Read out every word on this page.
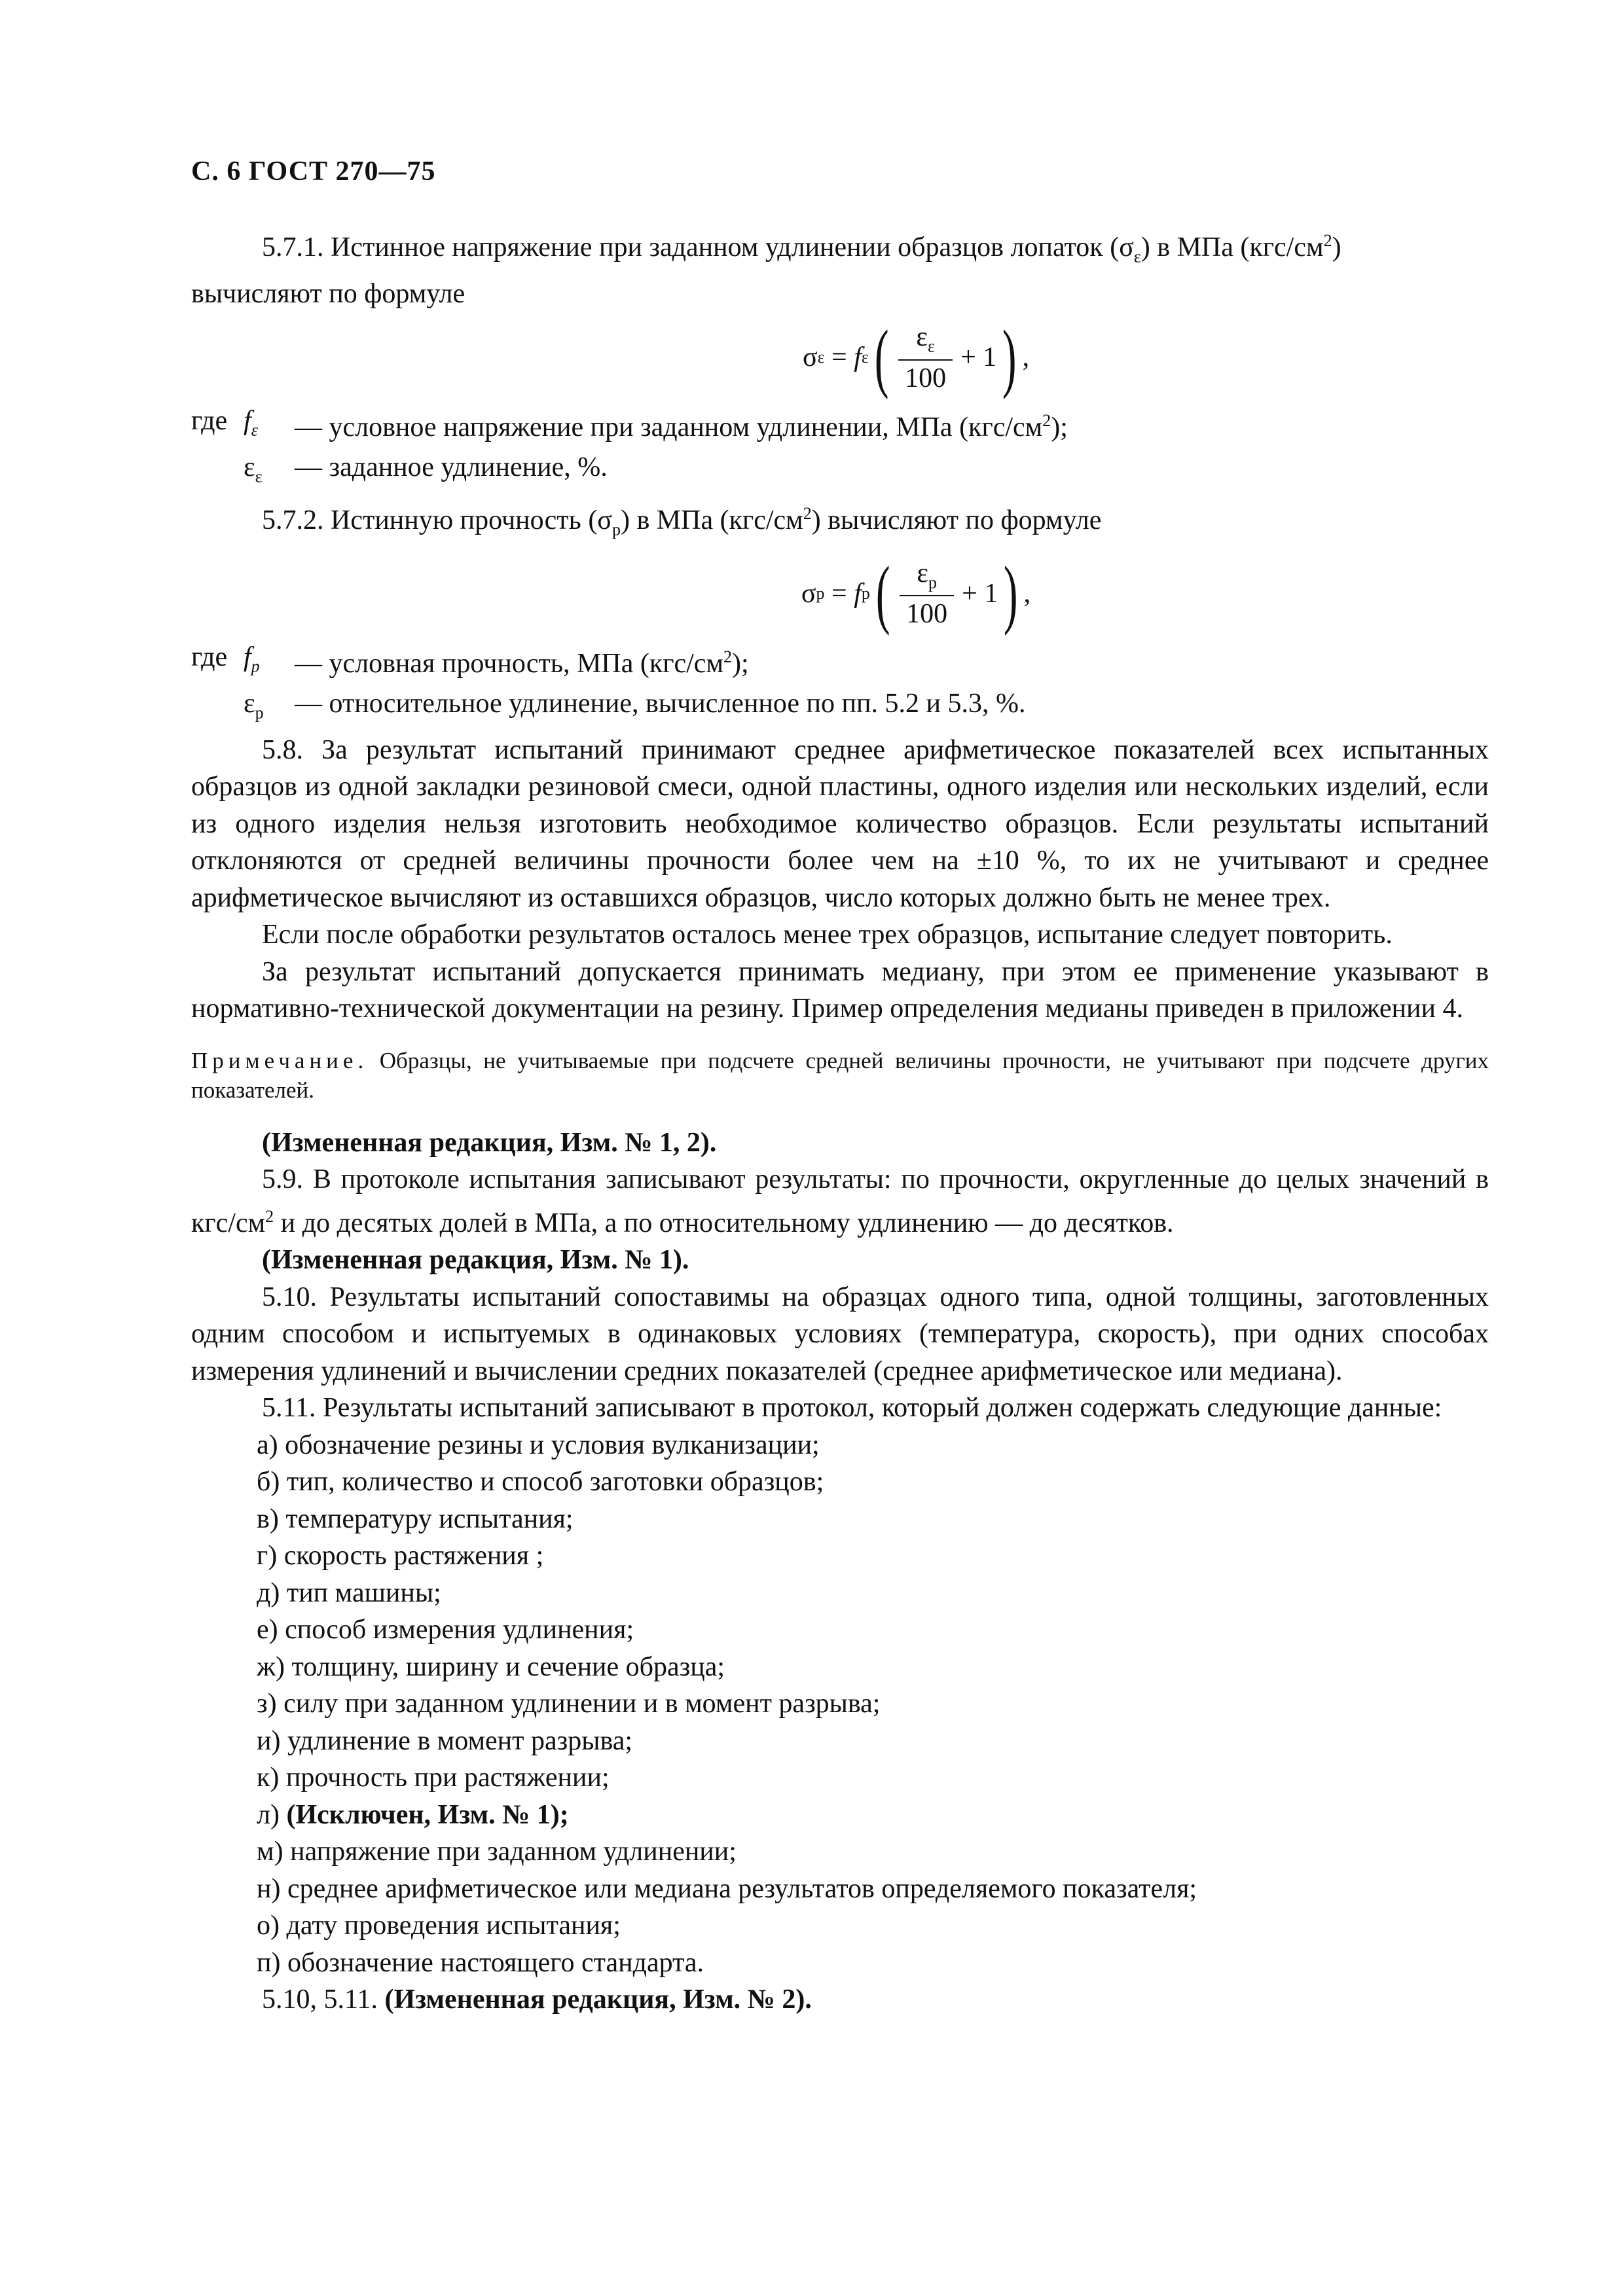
С. 6 ГОСТ 270—75

5.7.1. Истинное напряжение при заданном удлинении образцов лопаток $(\sigma_\varepsilon)$ в МПа $(кгс/см^2)$

вычисляют по формуле

σ ε = f ε ( $\frac{\varepsilon_\varepsilon}{100} + 1$ ) ,
где $f_\varepsilon$	— условное напряжение при заданном удлинении, МПа $(кгс/см^2)$;
$\varepsilon_\varepsilon$	— заданное удлинение, %.

5.7.2. Истинную прочность $(\sigma_p)$ в МПа $(кгс/см^2)$ вычисляют по формуле

σ p = f p ( $\frac{\varepsilon_p}{100} + 1$ ) ,
где $f_p$	— условная прочность, МПа $(кгс/см^2)$;
$\varepsilon_p$	— относительное удлинение, вычисленное по пп. 5.2 и 5.3, %.

5.8. За результат испытаний принимают среднее арифметическое показателей всех испытанных образцов из одной закладки резиновой смеси, одной пластины, одного изделия или нескольких изделий, если из одного изделия нельзя изготовить необходимое количество образцов. Если результаты испытаний отклоняются от средней величины прочности более чем на ±10 %, то их не учитывают и среднее арифметическое вычисляют из оставшихся образцов, число которых должно быть не менее трех.

Если после обработки результатов осталось менее трех образцов, испытание следует повторить.

За результат испытаний допускается принимать медиану, при этом ее применение указывают в нормативно-технической документации на резину. Пример определения медианы приведен в приложении 4.

Примечание. Образцы, не учитываемые при подсчете средней величины прочности, не учитывают при подсчете других показателей.

(Измененная редакция, Изм. № 1, 2).

5.9. В протоколе испытания записывают результаты: по прочности, округленные до целых значений в кгс/$см^2$ и до десятых долей в МПа, а по относительному удлинению — до десятков.

(Измененная редакция, Изм. № 1).

5.10. Результаты испытаний сопоставимы на образцах одного типа, одной толщины, заготовленных одним способом и испытуемых в одинаковых условиях (температура, скорость), при одних способах измерения удлинений и вычислении средних показателей (среднее арифметическое или медиана).

5.11. Результаты испытаний записывают в протокол, который должен содержать следующие данные:

а) обозначение резины и условия вулканизации;

б) тип, количество и способ заготовки образцов;

в) температуру испытания;

г) скорость растяжения ;

д) тип машины;

е) способ измерения удлинения;

ж) толщину, ширину и сечение образца;

з) силу при заданном удлинении и в момент разрыва;

и) удлинение в момент разрыва;

к) прочность при растяжении;

л) (Исключен, Изм. № 1);

м) напряжение при заданном удлинении;

н) среднее арифметическое или медиана результатов определяемого показателя;

о) дату проведения испытания;

п) обозначение настоящего стандарта.

5.10, 5.11. (Измененная редакция, Изм. № 2).
